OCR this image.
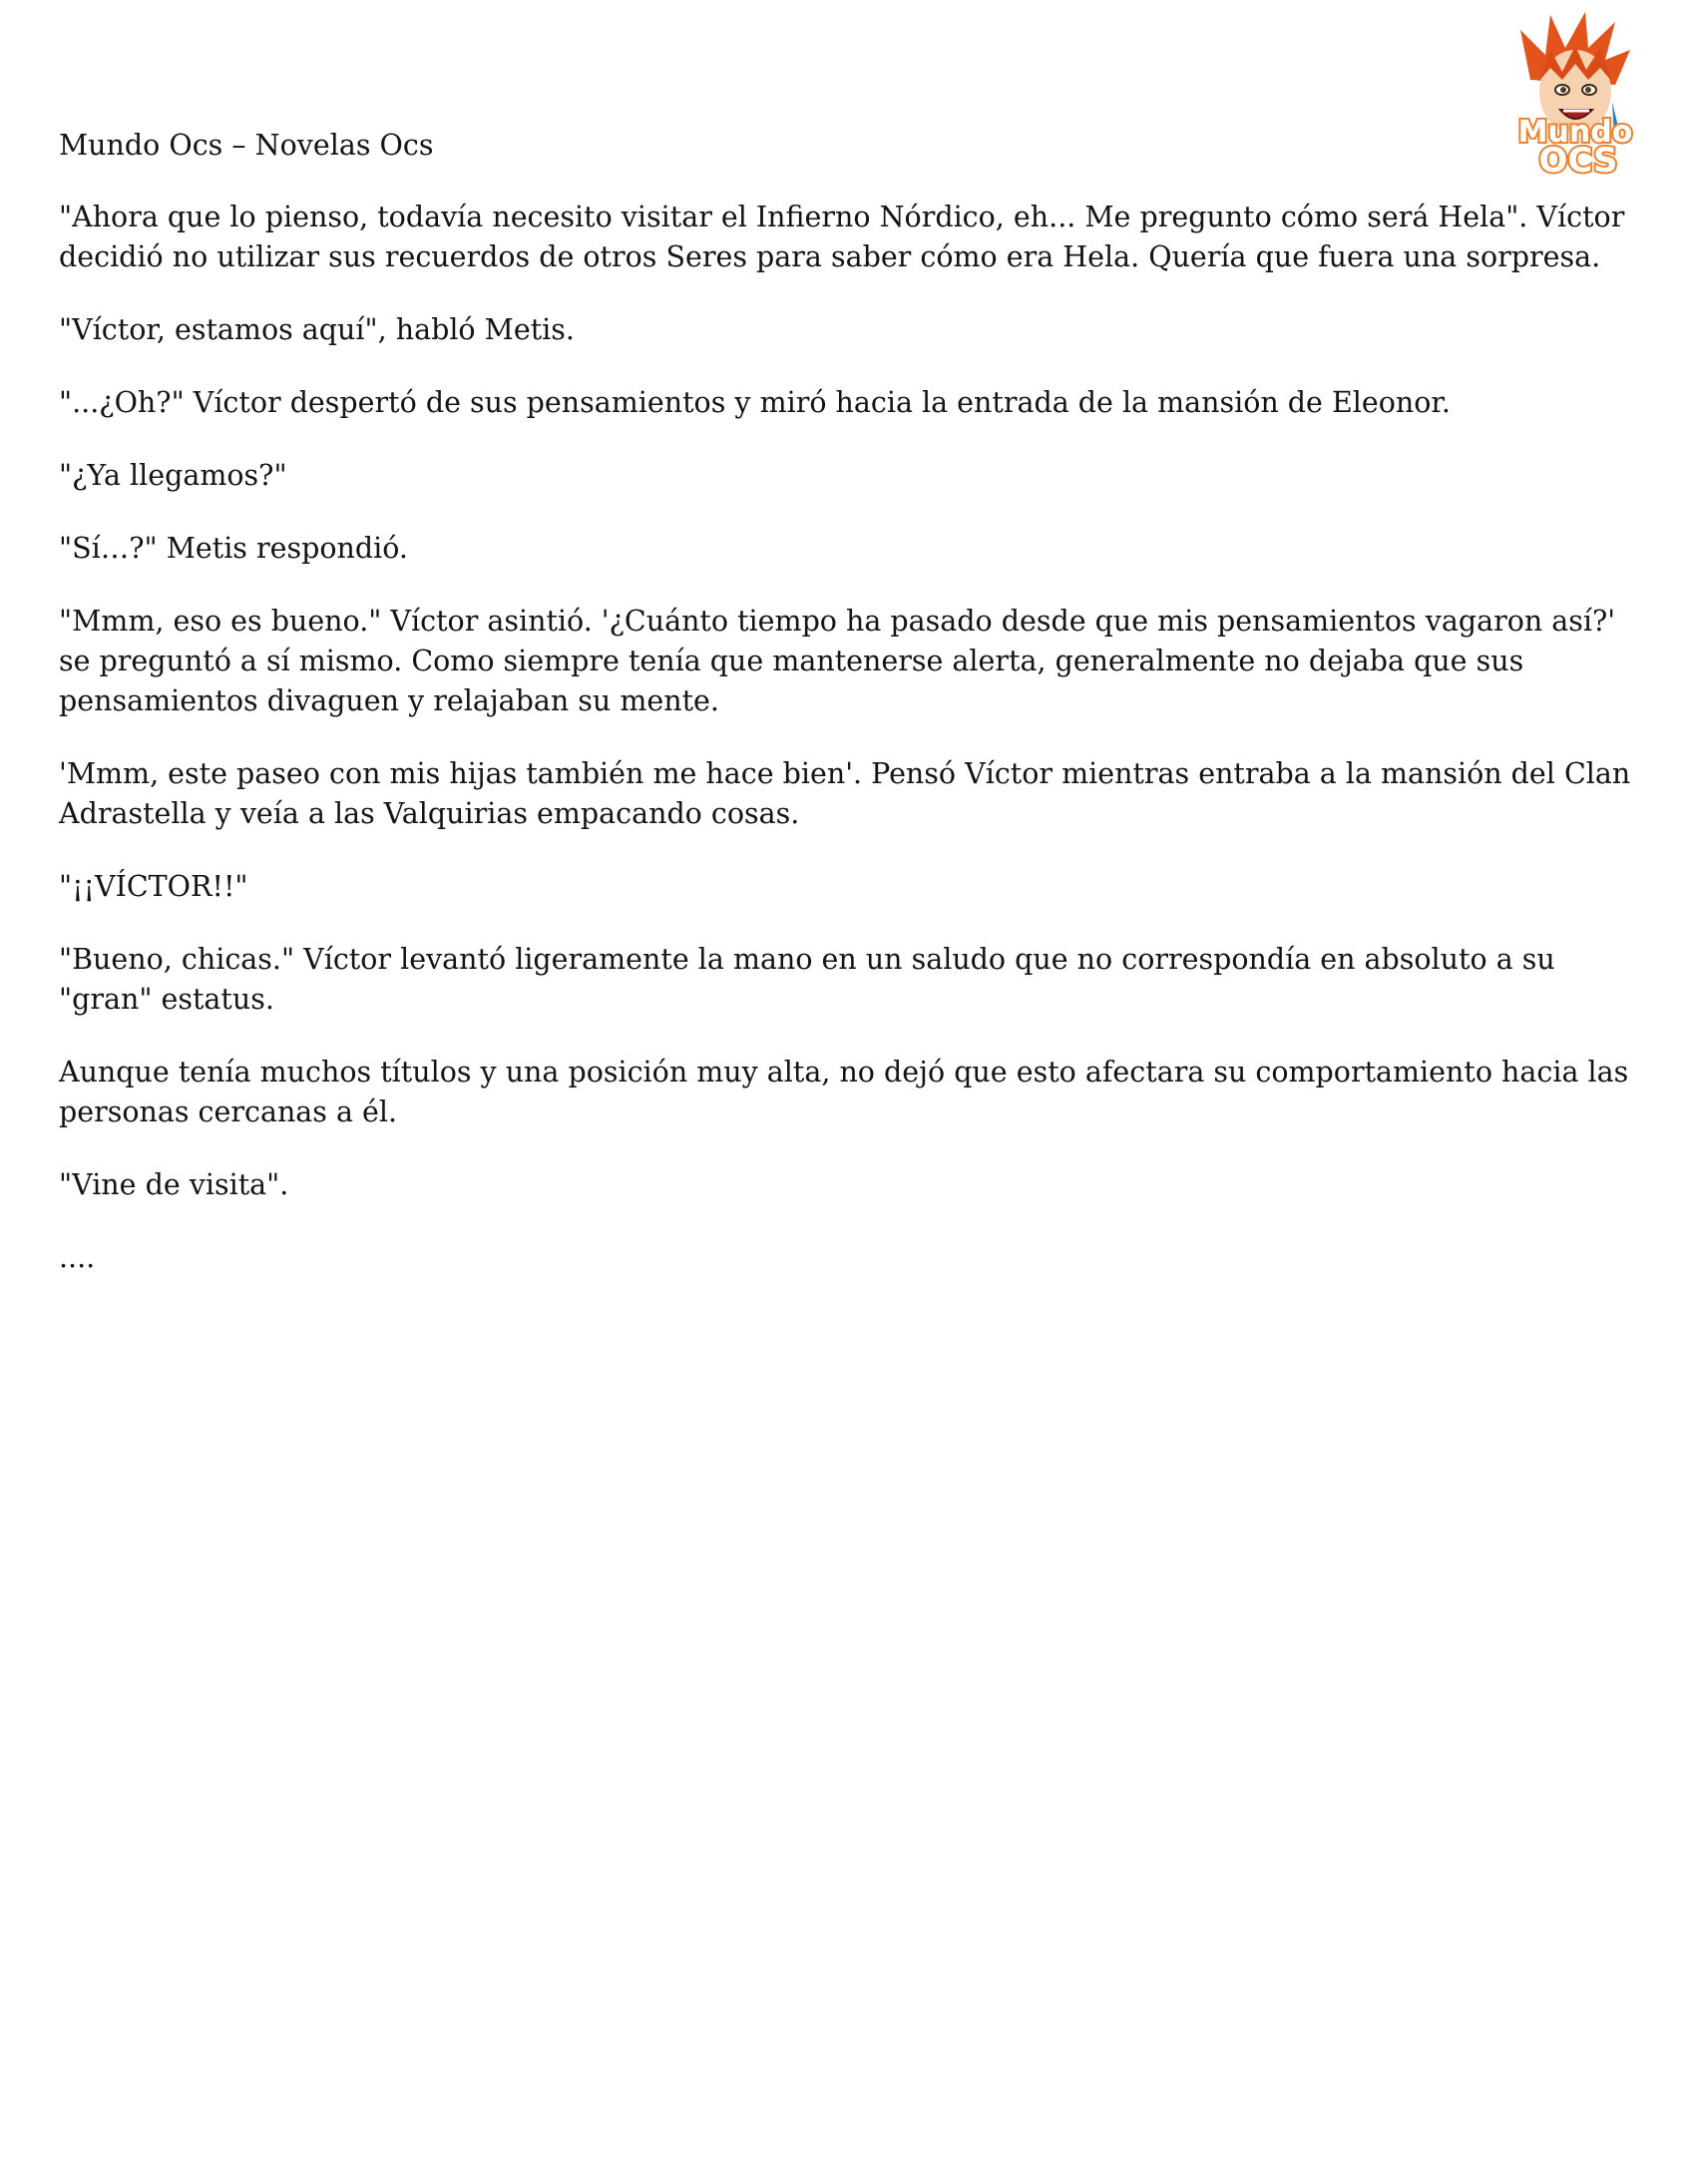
Mundo
OCS

Mundo Ocs – Novelas Ocs

"Ahora que lo pienso, todavía necesito visitar el Infierno Nórdico, eh... Me pregunto cómo será Hela". Víctor decidió no utilizar sus recuerdos de otros Seres para saber cómo era Hela. Quería que fuera una sorpresa.

"Víctor, estamos aquí", habló Metis.

"...¿Oh?" Víctor despertó de sus pensamientos y miró hacia la entrada de la mansión de Eleonor.

"¿Ya llegamos?"

"Sí…?" Metis respondió.

"Mmm, eso es bueno." Víctor asintió. '¿Cuánto tiempo ha pasado desde que mis pensamientos vagaron así?' se preguntó a sí mismo. Como siempre tenía que mantenerse alerta, generalmente no dejaba que sus pensamientos divaguen y relajaban su mente.

'Mmm, este paseo con mis hijas también me hace bien'. Pensó Víctor mientras entraba a la mansión del Clan Adrastella y veía a las Valquirias empacando cosas.

"¡¡VÍCTOR!!"

"Bueno, chicas." Víctor levantó ligeramente la mano en un saludo que no correspondía en absoluto a su "gran" estatus.

Aunque tenía muchos títulos y una posición muy alta, no dejó que esto afectara su comportamiento hacia las personas cercanas a él.

"Vine de visita".

....
